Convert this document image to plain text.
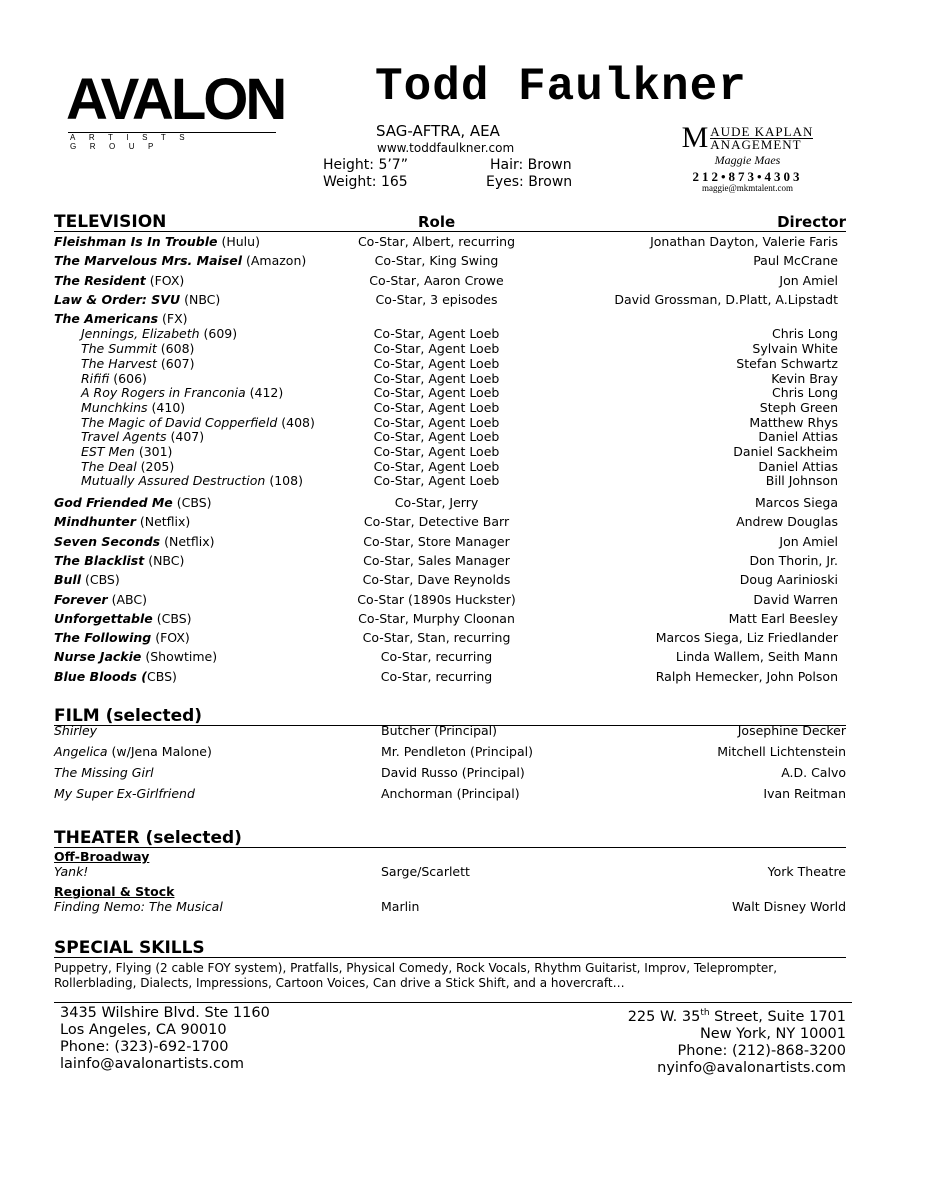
AVALON
ARTISTS GROUP
Todd Faulkner
SAG-AFTRA, AEA
www.toddfaulkner.com
Height: 5’7”
Weight: 165
Hair: Brown
Eyes: Brown
M AUDE KAPLAN
ANAGEMENT
Maggie Maes
212•873•4303
maggie@mkmtalent.com
TELEVISION	Role	Director
Fleishman Is In Trouble (Hulu)	Co-Star, Albert, recurring	Jonathan Dayton, Valerie Faris
The Marvelous Mrs. Maisel (Amazon)	Co-Star, King Swing	Paul McCrane
The Resident (FOX)	Co-Star, Aaron Crowe	Jon Amiel
Law & Order: SVU (NBC)	Co-Star, 3 episodes	David Grossman, D.Platt, A.Lipstadt
The Americans (FX)
Jennings, Elizabeth (609)	Co-Star, Agent Loeb	Chris Long
The Summit (608)	Co-Star, Agent Loeb	Sylvain White
The Harvest (607)	Co-Star, Agent Loeb	Stefan Schwartz
Rififi (606)	Co-Star, Agent Loeb	Kevin Bray
A Roy Rogers in Franconia (412)	Co-Star, Agent Loeb	Chris Long
Munchkins (410)	Co-Star, Agent Loeb	Steph Green
The Magic of David Copperfield (408)	Co-Star, Agent Loeb	Matthew Rhys
Travel Agents (407)	Co-Star, Agent Loeb	Daniel Attias
EST Men (301)	Co-Star, Agent Loeb	Daniel Sackheim
The Deal (205)	Co-Star, Agent Loeb	Daniel Attias
Mutually Assured Destruction (108)	Co-Star, Agent Loeb	Bill Johnson
God Friended Me (CBS)	Co-Star, Jerry	Marcos Siega
Mindhunter (Netflix)	Co-Star, Detective Barr	Andrew Douglas
Seven Seconds (Netflix)	Co-Star, Store Manager	Jon Amiel
The Blacklist (NBC)	Co-Star, Sales Manager	Don Thorin, Jr.
Bull (CBS)	Co-Star, Dave Reynolds	Doug Aarinioski
Forever (ABC)	Co-Star (1890s Huckster)	David Warren
Unforgettable (CBS)	Co-Star, Murphy Cloonan	Matt Earl Beesley
The Following (FOX)	Co-Star, Stan, recurring	Marcos Siega, Liz Friedlander
Nurse Jackie (Showtime)	Co-Star, recurring	Linda Wallem, Seith Mann
Blue Bloods (CBS)	Co-Star, recurring	Ralph Hemecker, John Polson
FILM (selected)
Shirley	Butcher (Principal)	Josephine Decker
Angelica (w/Jena Malone)	Mr. Pendleton (Principal)	Mitchell Lichtenstein
The Missing Girl	David Russo (Principal)	A.D. Calvo
My Super Ex-Girlfriend	Anchorman (Principal)	Ivan Reitman
THEATER (selected)
Off-Broadway
Yank!	Sarge/Scarlett	York Theatre
Regional & Stock
Finding Nemo: The Musical	Marlin	Walt Disney World
SPECIAL SKILLS
Puppetry, Flying (2 cable FOY system), Pratfalls, Physical Comedy, Rock Vocals, Rhythm Guitarist, Improv, Teleprompter,
Rollerblading, Dialects, Impressions, Cartoon Voices, Can drive a Stick Shift, and a hovercraft…
3435 Wilshire Blvd. Ste 1160
Los Angeles, CA 90010
Phone: (323)-692-1700
lainfo@avalonartists.com
225 W. 35th Street, Suite 1701
New York, NY 10001
Phone: (212)-868-3200
nyinfo@avalonartists.com
